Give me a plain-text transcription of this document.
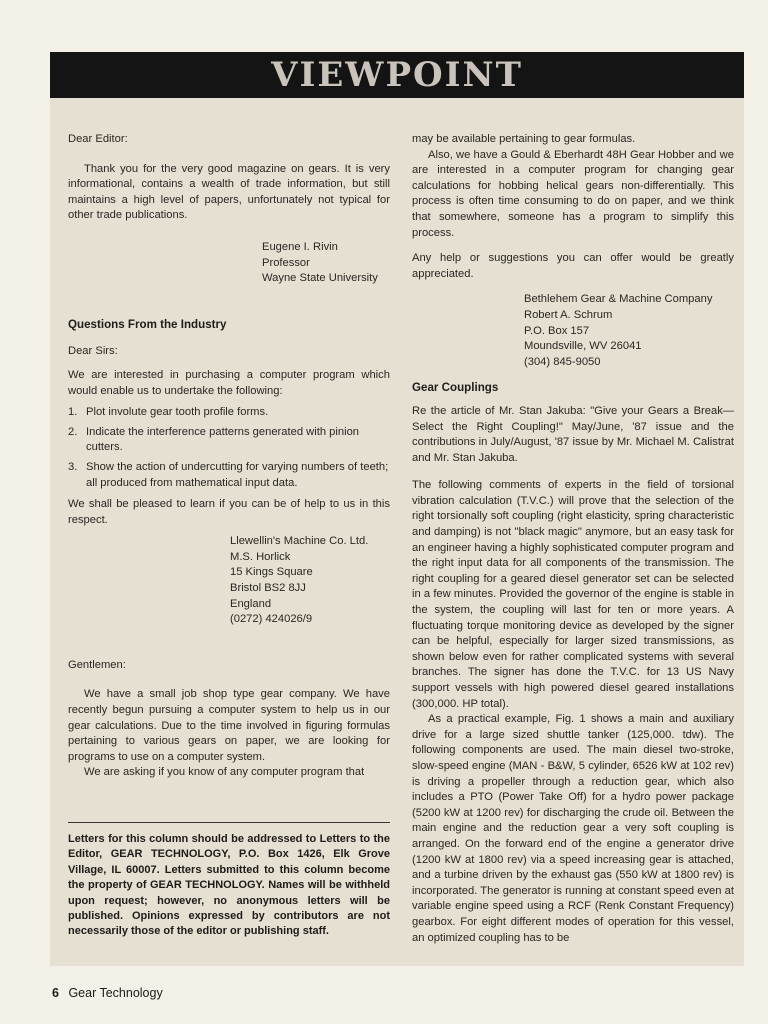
VIEWPOINT

Dear Editor:

Thank you for the very good magazine on gears. It is very informational, contains a wealth of trade information, but still maintains a high level of papers, unfortunately not typical for other trade publications.

Eugene I. Rivin
Professor
Wayne State University
Questions From the Industry

Dear Sirs:

We are interested in purchasing a computer program which would enable us to undertake the following:

1. Plot involute gear tooth profile forms.
2. Indicate the interference patterns generated with pinion cutters.
3. Show the action of undercutting for varying numbers of teeth; all produced from mathematical input data.

We shall be pleased to learn if you can be of help to us in this respect.

Llewellin's Machine Co. Ltd.
M.S. Horlick
15 Kings Square
Bristol BS2 8JJ
England
(0272) 424026/9

Gentlemen:

We have a small job shop type gear company. We have recently begun pursuing a computer system to help us in our gear calculations. Due to the time involved in figuring formulas pertaining to various gears on paper, we are looking for programs to use on a computer system.

We are asking if you know of any computer program that

may be available pertaining to gear formulas.

Also, we have a Gould & Eberhardt 48H Gear Hobber and we are interested in a computer program for changing gear calculations for hobbing helical gears non-differentially. This process is often time consuming to do on paper, and we think that somewhere, someone has a program to simplify this process.

Any help or suggestions you can offer would be greatly appreciated.

Bethlehem Gear & Machine Company
Robert A. Schrum
P.O. Box 157
Moundsville, WV 26041
(304) 845-9050
Gear Couplings

Re the article of Mr. Stan Jakuba: "Give your Gears a Break—Select the Right Coupling!" May/June, '87 issue and the contributions in July/August, '87 issue by Mr. Michael M. Calistrat and Mr. Stan Jakuba.

The following comments of experts in the field of torsional vibration calculation (T.V.C.) will prove that the selection of the right torsionally soft coupling (right elasticity, spring characteristic and damping) is not "black magic" anymore, but an easy task for an engineer having a highly sophisticated computer program and the right input data for all components of the transmission. The right coupling for a geared diesel generator set can be selected in a few minutes. Provided the governor of the engine is stable in the system, the coupling will last for ten or more years. A fluctuating torque monitoring device as developed by the signer can be helpful, especially for larger sized transmissions, as shown below even for rather complicated systems with several branches. The signer has done the T.V.C. for 13 US Navy support vessels with high powered diesel geared installations (300,000. HP total).

As a practical example, Fig. 1 shows a main and auxiliary drive for a large sized shuttle tanker (125,000. tdw). The following components are used. The main diesel two-stroke, slow-speed engine (MAN - B&W, 5 cylinder, 6526 kW at 102 rev) is driving a propeller through a reduction gear, which also includes a PTO (Power Take Off) for a hydro power package (5200 kW at 1200 rev) for discharging the crude oil. Between the main engine and the reduction gear a very soft coupling is arranged. On the forward end of the engine a generator drive (1200 kW at 1800 rev) via a speed increasing gear is attached, and a turbine driven by the exhaust gas (550 kW at 1800 rev) is incorporated. The generator is running at constant speed even at variable engine speed using a RCF (Renk Constant Frequency) gearbox. For eight different modes of operation for this vessel, an optimized coupling has to be

Letters for this column should be addressed to Letters to the Editor, GEAR TECHNOLOGY, P.O. Box 1426, Elk Grove Village, IL 60007. Letters submitted to this column become the property of GEAR TECHNOLOGY. Names will be withheld upon request; however, no anonymous letters will be published. Opinions expressed by contributors are not necessarily those of the editor or publishing staff.
6 Gear Technology
